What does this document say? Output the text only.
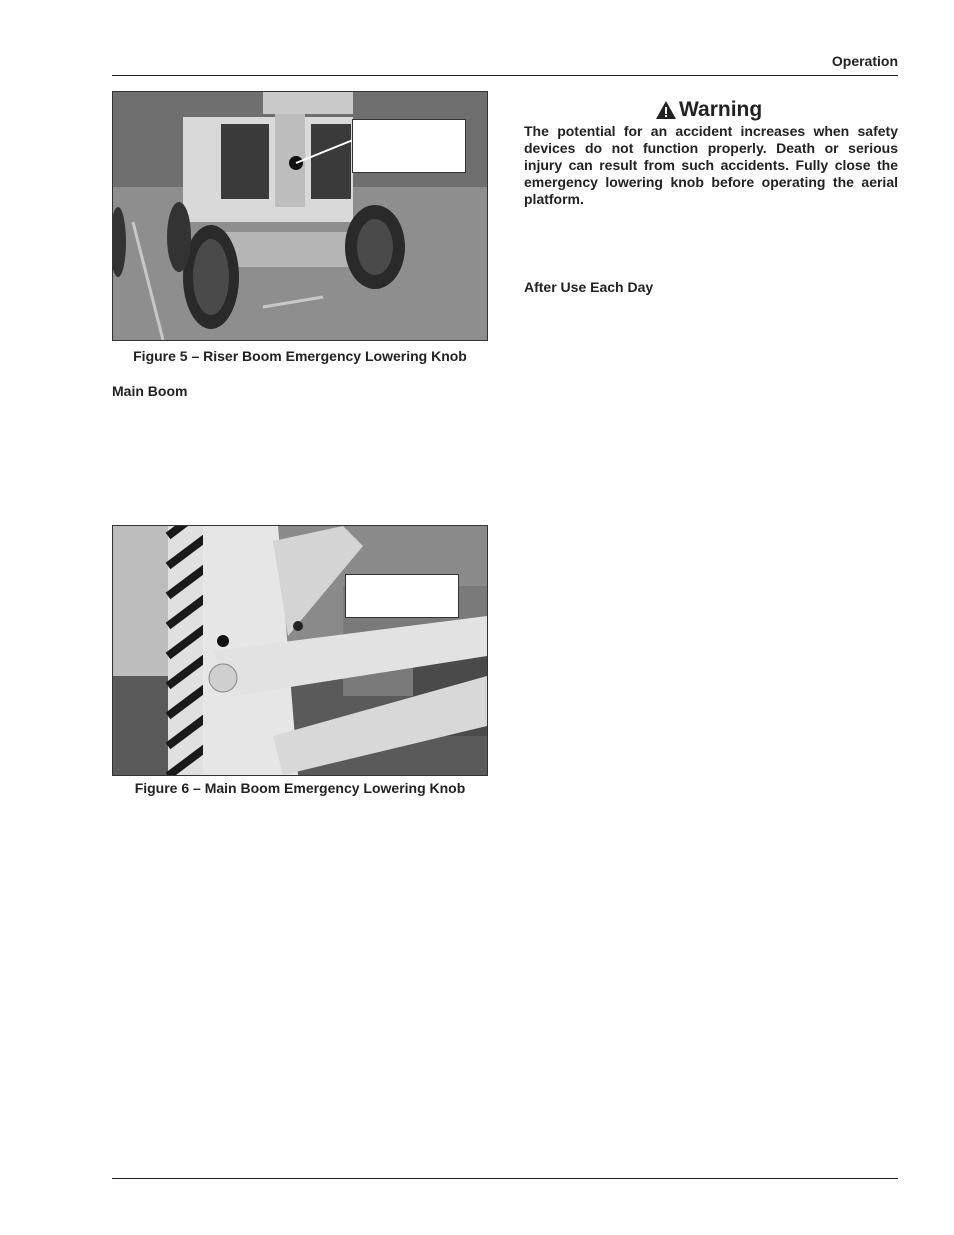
Operation
Figure 5 – Riser Boom Emergency Lowering Knob
Main Boom
Figure 6 – Main Boom Emergency Lowering Knob
Warning
The potential for an accident increases when safety devices do not function properly. Death or serious injury can result from such accidents. Fully close the emergency lowering knob before operating the aerial platform.
After Use Each Day
